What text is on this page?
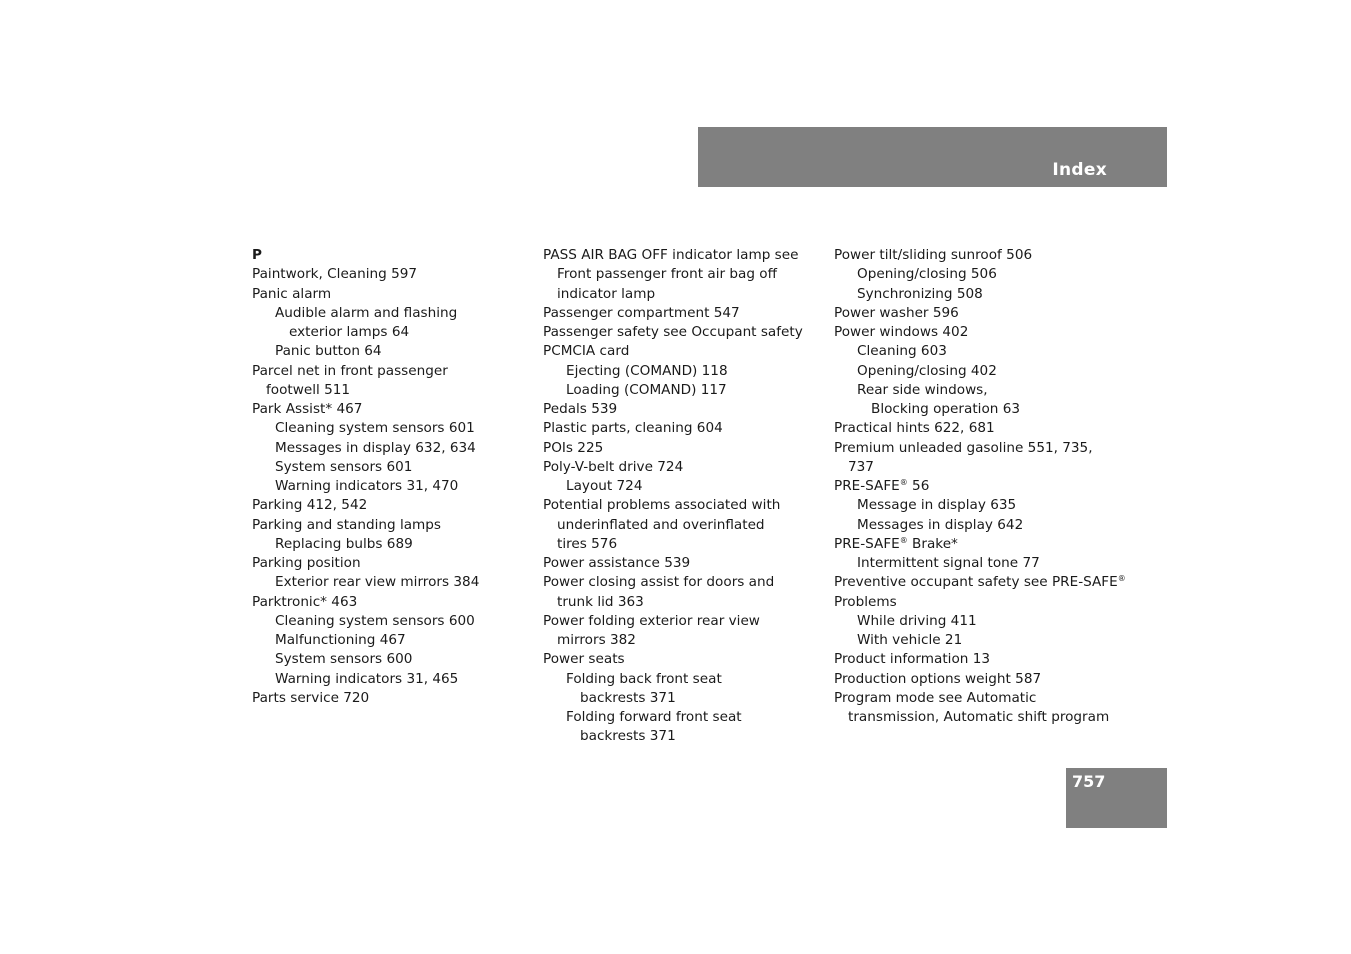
Index
P
Paintwork, Cleaning 597
Panic alarm
Audible alarm and flashing
exterior lamps 64
Panic button 64
Parcel net in front passenger
footwell 511
Park Assist* 467
Cleaning system sensors 601
Messages in display 632, 634
System sensors 601
Warning indicators 31, 470
Parking 412, 542
Parking and standing lamps
Replacing bulbs 689
Parking position
Exterior rear view mirrors 384
Parktronic* 463
Cleaning system sensors 600
Malfunctioning 467
System sensors 600
Warning indicators 31, 465
Parts service 720
PASS AIR BAG OFF indicator lamp see
Front passenger front air bag off
indicator lamp
Passenger compartment 547
Passenger safety see Occupant safety
PCMCIA card
Ejecting (COMAND) 118
Loading (COMAND) 117
Pedals 539
Plastic parts, cleaning 604
POIs 225
Poly-V-belt drive 724
Layout 724
Potential problems associated with
underinflated and overinflated
tires 576
Power assistance 539
Power closing assist for doors and
trunk lid 363
Power folding exterior rear view
mirrors 382
Power seats
Folding back front seat
backrests 371
Folding forward front seat
backrests 371
Power tilt/sliding sunroof 506
Opening/closing 506
Synchronizing 508
Power washer 596
Power windows 402
Cleaning 603
Opening/closing 402
Rear side windows,
Blocking operation 63
Practical hints 622, 681
Premium unleaded gasoline 551, 735,
737
PRE-SAFE® 56
Message in display 635
Messages in display 642
PRE-SAFE® Brake*
Intermittent signal tone 77
Preventive occupant safety see PRE-SAFE®
Problems
While driving 411
With vehicle 21
Product information 13
Production options weight 587
Program mode see Automatic
transmission, Automatic shift program
757
